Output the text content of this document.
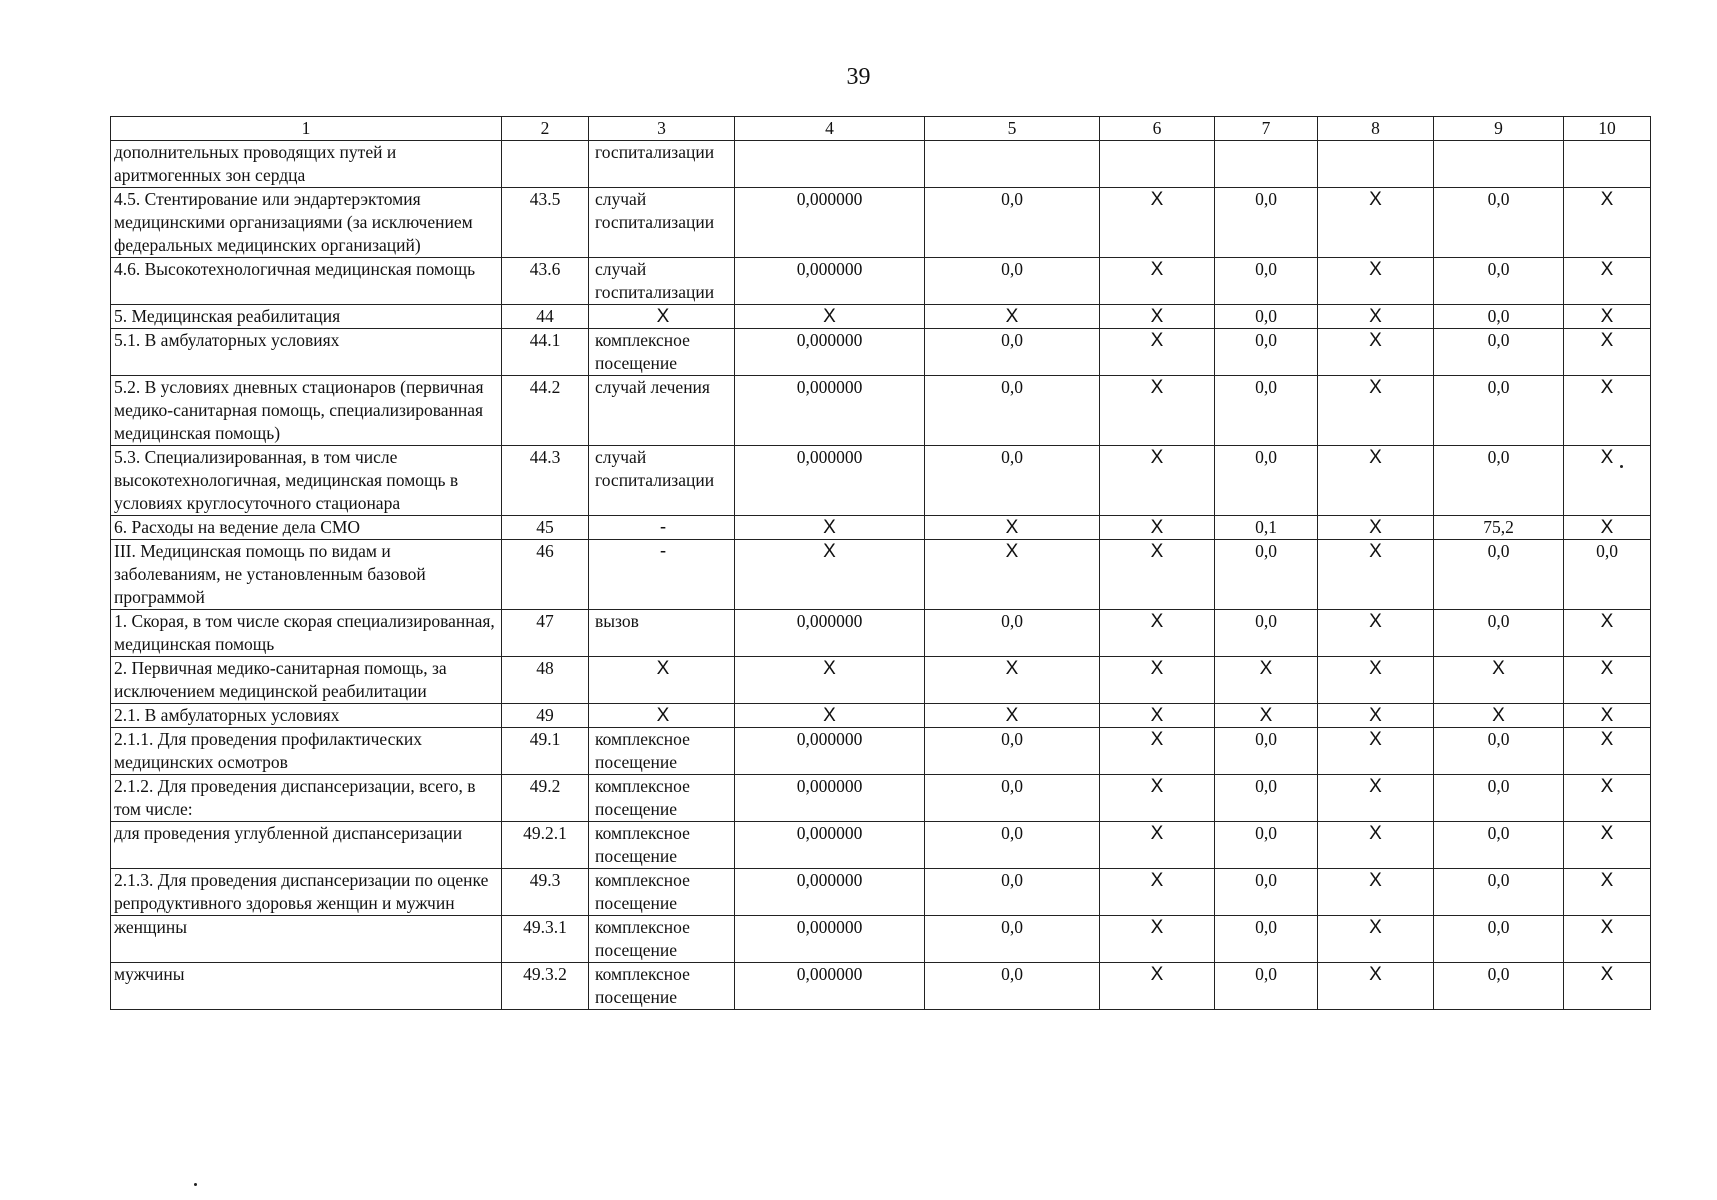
39
1	2	3	4	5	6	7	8	9	10
дополнительных проводящих путей и аритмогенных зон сердца		госпитализации							
4.5. Стентирование или эндартерэктомия медицинскими организациями (за исключением федеральных медицинских организаций)	43.5	случай госпитализации	0,000000	0,0	X	0,0	X	0,0	X
4.6. Высокотехнологичная медицинская помощь	43.6	случай госпитализации	0,000000	0,0	X	0,0	X	0,0	X
5. Медицинская реабилитация	44	X	X	X	X	0,0	X	0,0	X
5.1. В амбулаторных условиях	44.1	комплексное посещение	0,000000	0,0	X	0,0	X	0,0	X
5.2. В условиях дневных стационаров (первичная медико-санитарная помощь, специализированная медицинская помощь)	44.2	случай лечения	0,000000	0,0	X	0,0	X	0,0	X
5.3. Специализированная, в том числе высокотехнологичная, медицинская помощь в условиях круглосуточного стационара	44.3	случай госпитализации	0,000000	0,0	X	0,0	X	0,0	X
6. Расходы на ведение дела СМО	45	-	X	X	X	0,1	X	75,2	X
III. Медицинская помощь по видам и заболеваниям, не установленным базовой программой	46	-	X	X	X	0,0	X	0,0	0,0
1. Скорая, в том числе скорая специализированная, медицинская помощь	47	вызов	0,000000	0,0	X	0,0	X	0,0	X
2. Первичная медико-санитарная помощь, за исключением медицинской реабилитации	48	X	X	X	X	X	X	X	X
2.1. В амбулаторных условиях	49	X	X	X	X	X	X	X	X
2.1.1. Для проведения профилактических медицинских осмотров	49.1	комплексное посещение	0,000000	0,0	X	0,0	X	0,0	X
2.1.2. Для проведения диспансеризации, всего, в том числе:	49.2	комплексное посещение	0,000000	0,0	X	0,0	X	0,0	X
для проведения углубленной диспансеризации	49.2.1	комплексное посещение	0,000000	0,0	X	0,0	X	0,0	X
2.1.3. Для проведения диспансеризации по оценке репродуктивного здоровья женщин и мужчин	49.3	комплексное посещение	0,000000	0,0	X	0,0	X	0,0	X
женщины	49.3.1	комплексное посещение	0,000000	0,0	X	0,0	X	0,0	X
мужчины	49.3.2	комплексное посещение	0,000000	0,0	X	0,0	X	0,0	X
